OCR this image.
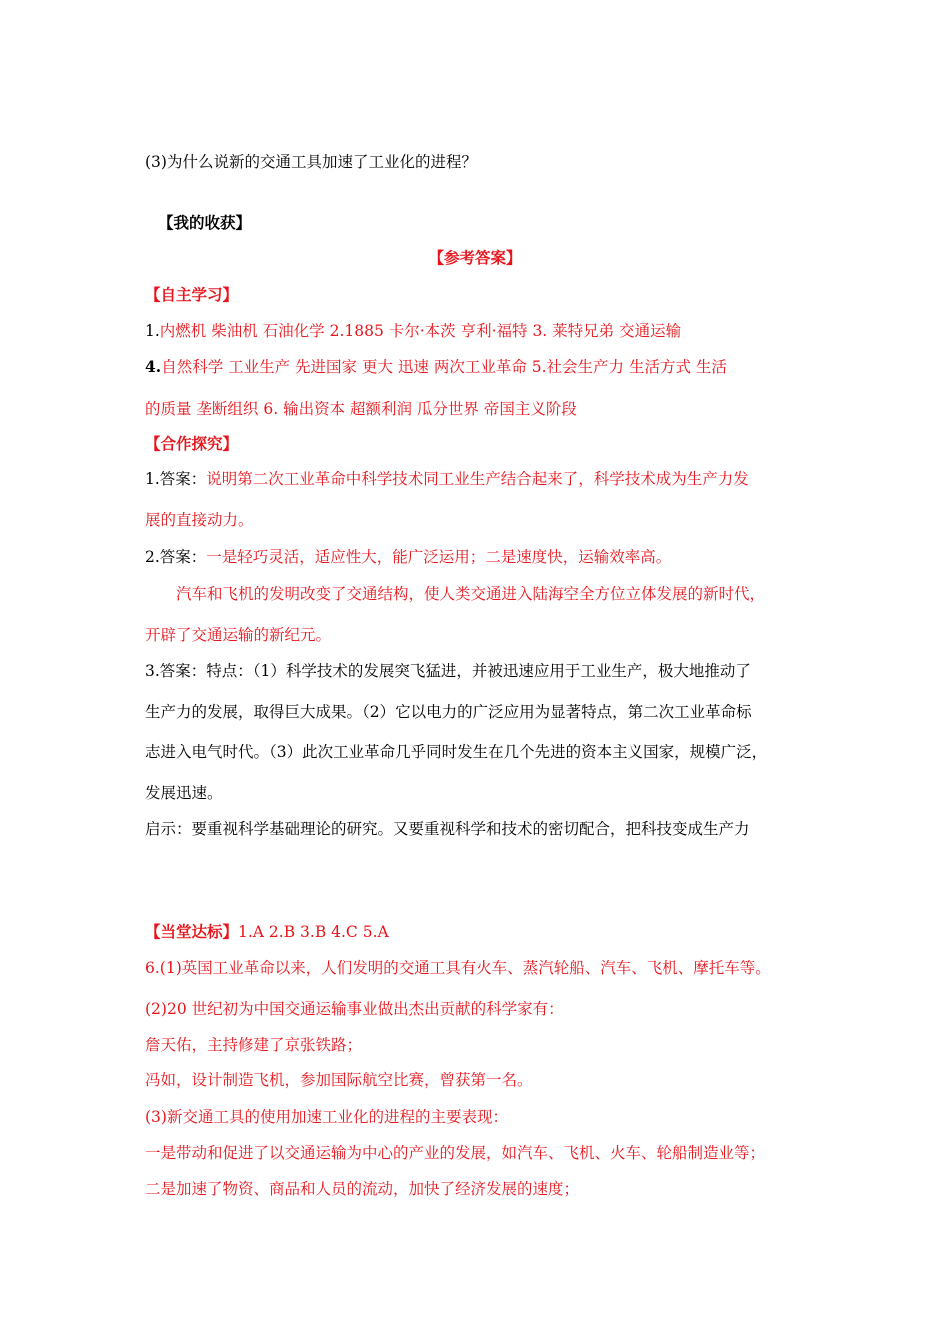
(3)为什么说新的交通工具加速了工业化的进程？
【我的收获】
【参考答案】
【自主学习】
1.内燃机 柴油机 石油化学 2.1885 卡尔·本茨 亨利·福特 3. 莱特兄弟 交通运输
4.自然科学 工业生产 先进国家 更大 迅速 两次工业革命 5.社会生产力 生活方式 生活
的质量 垄断组织 6. 输出资本 超额利润 瓜分世界 帝国主义阶段
【合作探究】
1.答案：说明第二次工业革命中科学技术同工业生产结合起来了，科学技术成为生产力发
展的直接动力。
2.答案：一是轻巧灵活，适应性大，能广泛运用；二是速度快，运输效率高。
汽车和飞机的发明改变了交通结构，使人类交通进入陆海空全方位立体发展的新时代，
开辟了交通运输的新纪元。
3.答案：特点：（1）科学技术的发展突飞猛进，并被迅速应用于工业生产，极大地推动了
生产力的发展，取得巨大成果。（2）它以电力的广泛应用为显著特点，第二次工业革命标
志进入电气时代。（3）此次工业革命几乎同时发生在几个先进的资本主义国家，规模广泛，
发展迅速。
启示：要重视科学基础理论的研究。又要重视科学和技术的密切配合，把科技变成生产力
【当堂达标】1.A 2.B 3.B 4.C 5.A
6.(1)英国工业革命以来，人们发明的交通工具有火车、蒸汽轮船、汽车、飞机、摩托车等。
(2)20 世纪初为中国交通运输事业做出杰出贡献的科学家有：
詹天佑，主持修建了京张铁路；
冯如，设计制造飞机，参加国际航空比赛，曾获第一名。
(3)新交通工具的使用加速工业化的进程的主要表现：
一是带动和促进了以交通运输为中心的产业的发展，如汽车、飞机、火车、轮船制造业等；
二是加速了物资、商品和人员的流动，加快了经济发展的速度；
